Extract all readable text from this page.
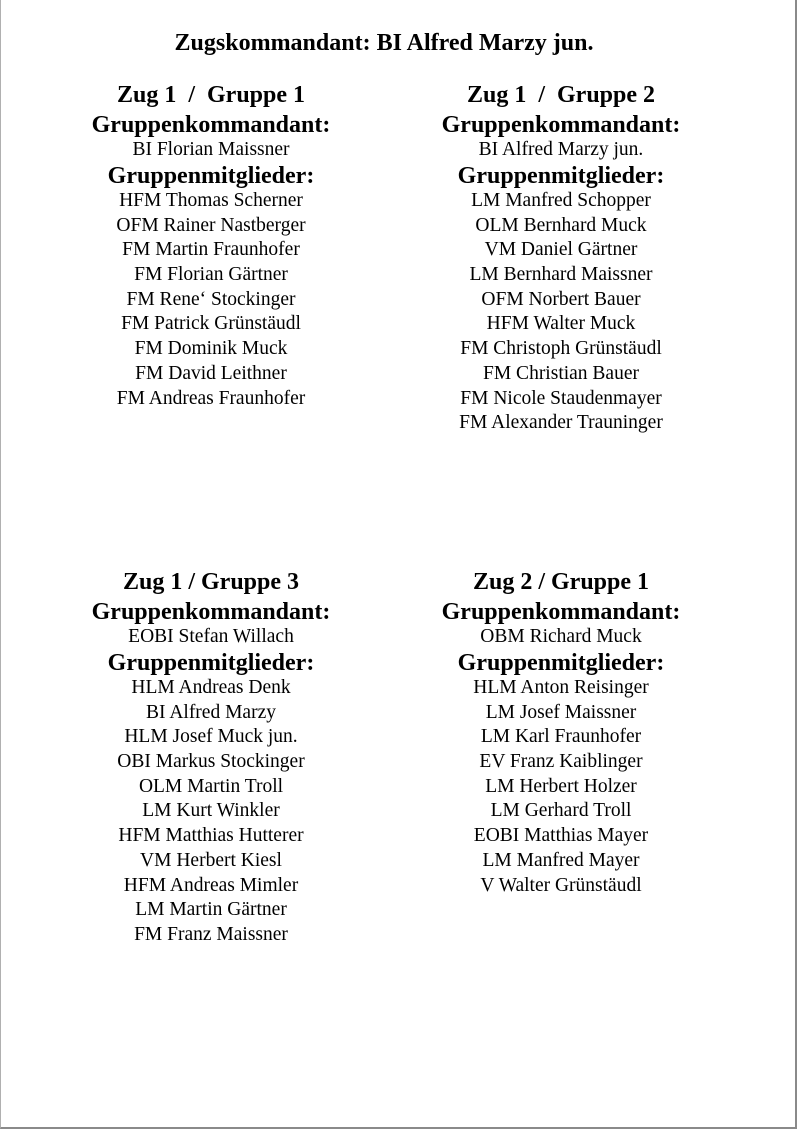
Zugskommandant: BI Alfred Marzy jun.
Zug 1  /  Gruppe 1
Gruppenkommandant:
BI Florian Maissner
Gruppenmitglieder:
HFM Thomas Scherner
OFM Rainer Nastberger
FM Martin Fraunhofer
FM Florian Gärtner
FM Rene‘ Stockinger
FM Patrick Grünstäudl
FM Dominik Muck
FM David Leithner
FM Andreas Fraunhofer
Zug 1  /  Gruppe 2
Gruppenkommandant:
BI Alfred Marzy jun.
Gruppenmitglieder:
LM Manfred Schopper
OLM Bernhard Muck
VM Daniel Gärtner
LM Bernhard Maissner
OFM Norbert Bauer
HFM Walter Muck
FM Christoph Grünstäudl
FM Christian Bauer
FM Nicole Staudenmayer
FM Alexander Trauninger
Zug 1 / Gruppe 3
Gruppenkommandant:
EOBI Stefan Willach
Gruppenmitglieder:
HLM Andreas Denk
BI Alfred Marzy
HLM Josef Muck jun.
OBI Markus Stockinger
OLM Martin Troll
LM Kurt Winkler
HFM Matthias Hutterer
VM Herbert Kiesl
HFM Andreas Mimler
LM Martin Gärtner
FM Franz Maissner
Zug 2 / Gruppe 1
Gruppenkommandant:
OBM Richard Muck
Gruppenmitglieder:
HLM Anton Reisinger
LM Josef Maissner
LM Karl Fraunhofer
EV Franz Kaiblinger
LM Herbert Holzer
LM Gerhard Troll
EOBI Matthias Mayer
LM Manfred Mayer
V Walter Grünstäudl
